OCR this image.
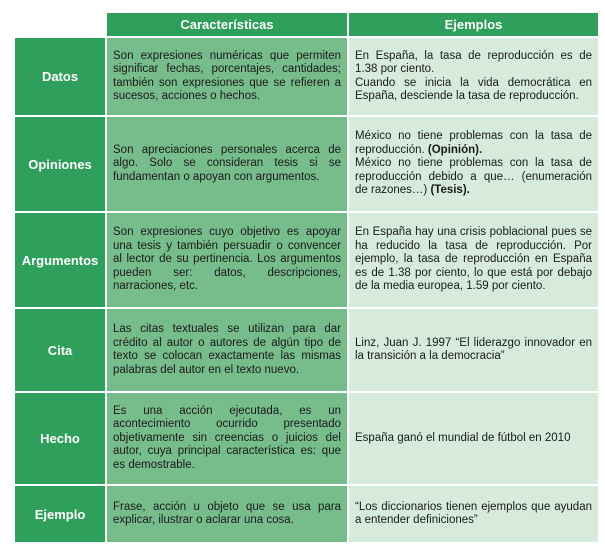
	Características	Ejemplos
Datos	Son expresiones numéricas que permiten significar fechas, porcentajes, cantidades; también son expresiones que se refieren a sucesos, acciones o hechos.	En España, la tasa de reproducción es de 1.38 por ciento.
Cuando se inicia la vida democrática en España, desciende la tasa de reproducción.

Opiniones	Son apreciaciones personales acerca de algo. Solo se consideran tesis si se fundamentan o apoyan con argumentos.	México no tiene problemas con la tasa de reproducción. (Opinión).
México no tiene problemas con la tasa de reproducción debido a que… (enumeración de razones…) (Tesis).

Argumentos	Son expresiones cuyo objetivo es apoyar una tesis y también persuadir o convencer al lector de su pertinencia. Los argumentos pueden ser: datos, descripciones, narraciones, etc.	En España hay una crisis poblacional pues se ha reducido la tasa de reproducción. Por ejemplo, la tasa de reproducción en España es de 1.38 por ciento, lo que está por debajo de la media europea, 1.59 por ciento.
Cita	Las citas textuales se utilizan para dar crédito al autor o autores de algún tipo de texto se colocan exactamente las mismas palabras del autor en el texto nuevo.	Linz, Juan J. 1997 “El liderazgo innovador en la transición a la democracia”
Hecho	Es una acción ejecutada, es un acontecimiento ocurrido presentado objetivamente sin creencias o juicios del autor, cuya principal característica es: que es demostrable.	España ganó el mundial de fútbol en 2010
Ejemplo	Frase, acción u objeto que se usa para explicar, ilustrar o aclarar una cosa.	“Los diccionarios tienen ejemplos que ayudan a entender definiciones”
